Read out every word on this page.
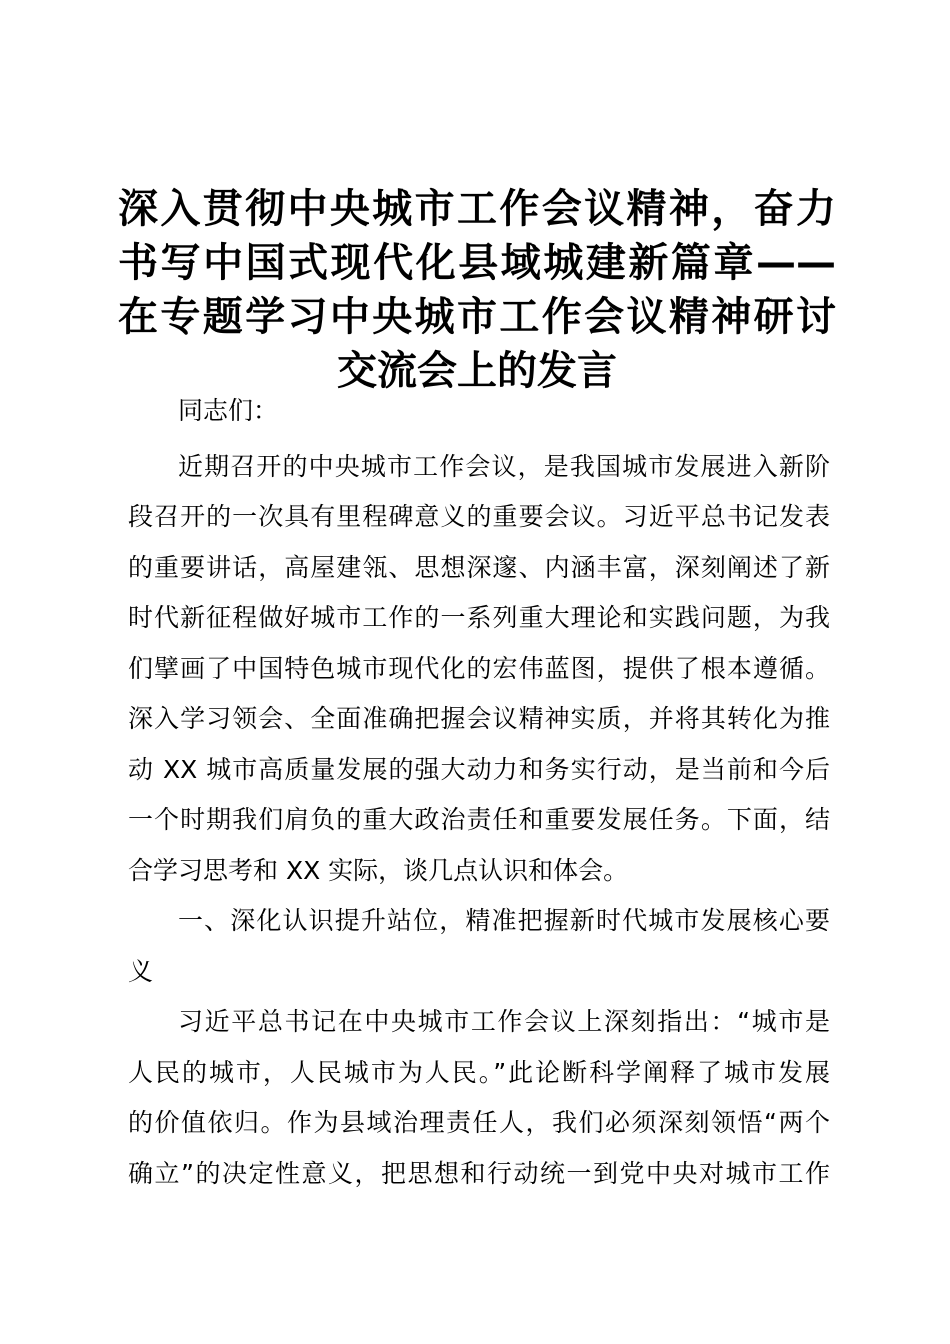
深入贯彻中央城市工作会议精神，奋力
书写中国式现代化县域城建新篇章——
在专题学习中央城市工作会议精神研讨
交流会上的发言
同志们：
近期召开的中央城市工作会议，是我国城市发展进入新阶
段召开的一次具有里程碑意义的重要会议。习近平总书记发表
的重要讲话，高屋建瓴、思想深邃、内涵丰富，深刻阐述了新
时代新征程做好城市工作的一系列重大理论和实践问题，为我
们擘画了中国特色城市现代化的宏伟蓝图，提供了根本遵循。
深入学习领会、全面准确把握会议精神实质，并将其转化为推
动 XX 城市高质量发展的强大动力和务实行动，是当前和今后
一个时期我们肩负的重大政治责任和重要发展任务。下面，结
合学习思考和 XX 实际，谈几点认识和体会。
一、深化认识提升站位，精准把握新时代城市发展核心要
义
习近平总书记在中央城市工作会议上深刻指出：“城市是
人民的城市，人民城市为人民。”此论断科学阐释了城市发展
的价值依归。作为县域治理责任人，我们必须深刻领悟“两个
确立”的决定性意义，把思想和行动统一到党中央对城市工作
